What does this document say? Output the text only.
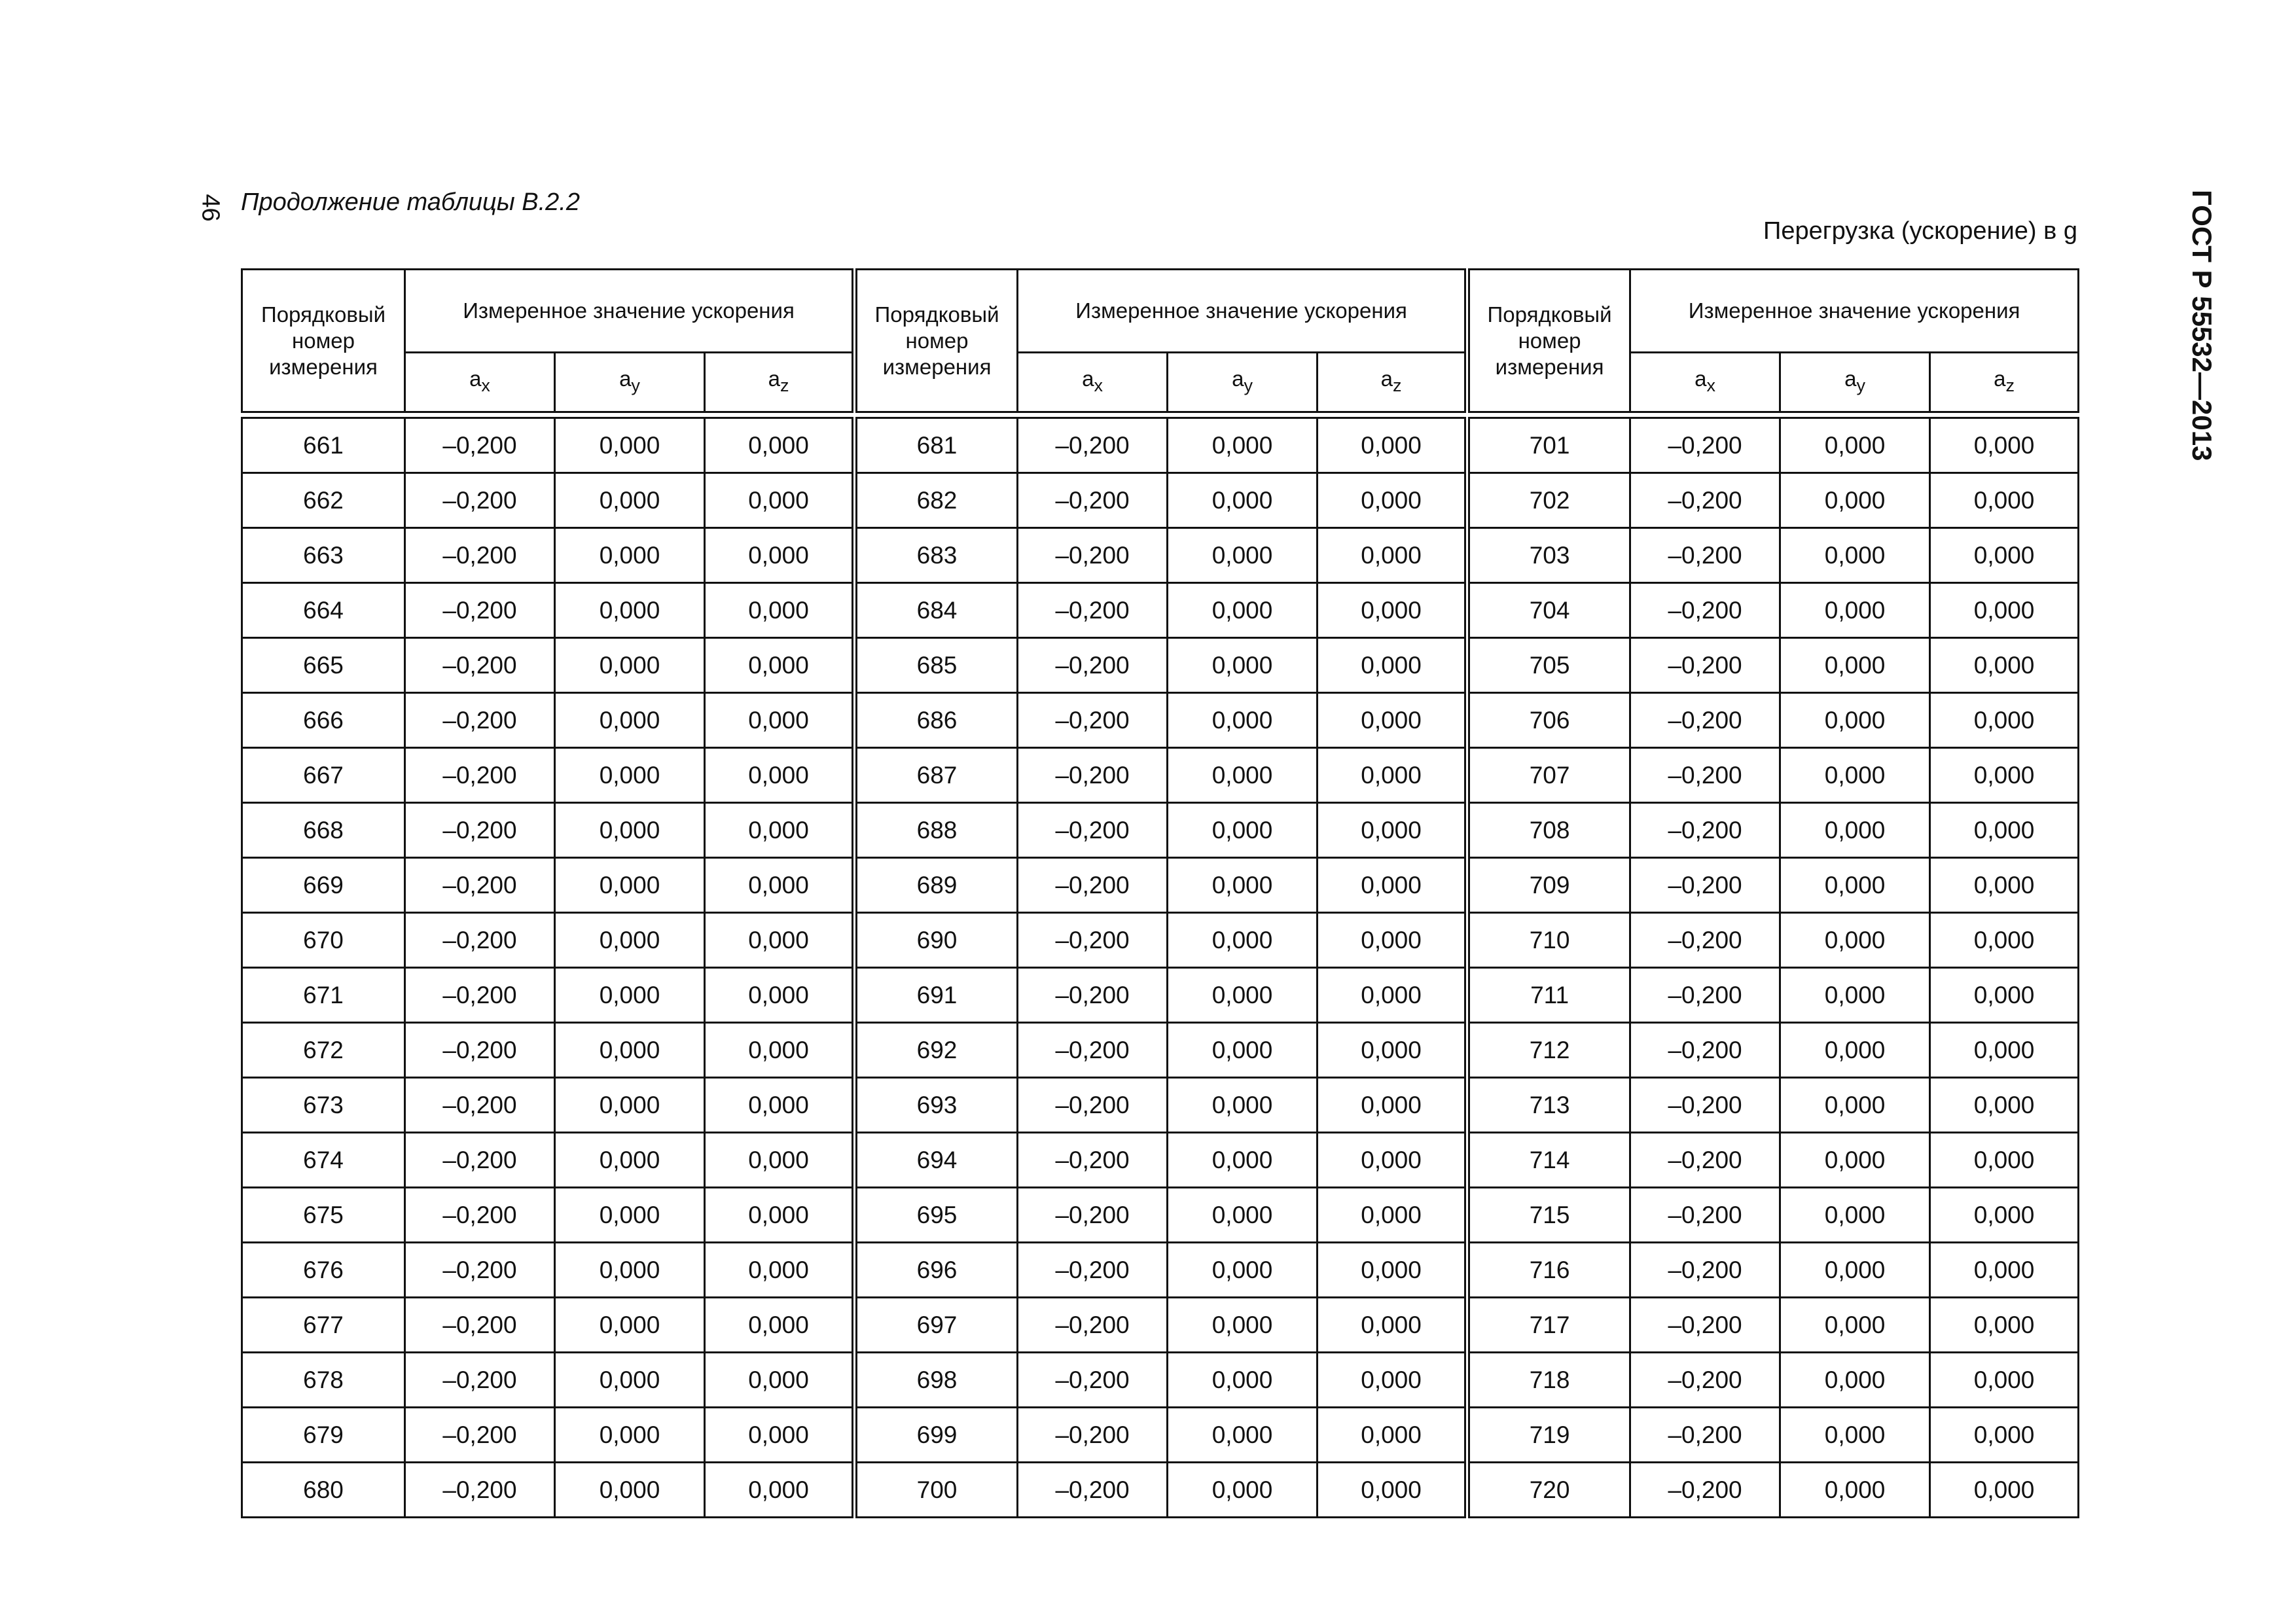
46 Продолжение таблицы В.2.2
Перегрузка (ускорение) в g	ГОСТ Р 55532—2013
Порядковый номер измерения	Измеренное значение ускорения			Порядковый номер измерения	Измеренное значение ускорения			Порядковый номер измерения	Измеренное значение ускорения		
	$a_x$	$a_y$	$a_z$		$a_x$	$a_y$	$a_z$		$a_x$	$a_y$	$a_z$

661	–0,200	0,000	0,000	681	–0,200	0,000	0,000	701	–0,200	0,000	0,000
662	–0,200	0,000	0,000	682	–0,200	0,000	0,000	702	–0,200	0,000	0,000
663	–0,200	0,000	0,000	683	–0,200	0,000	0,000	703	–0,200	0,000	0,000
664	–0,200	0,000	0,000	684	–0,200	0,000	0,000	704	–0,200	0,000	0,000
665	–0,200	0,000	0,000	685	–0,200	0,000	0,000	705	–0,200	0,000	0,000
666	–0,200	0,000	0,000	686	–0,200	0,000	0,000	706	–0,200	0,000	0,000
667	–0,200	0,000	0,000	687	–0,200	0,000	0,000	707	–0,200	0,000	0,000
668	–0,200	0,000	0,000	688	–0,200	0,000	0,000	708	–0,200	0,000	0,000
669	–0,200	0,000	0,000	689	–0,200	0,000	0,000	709	–0,200	0,000	0,000
670	–0,200	0,000	0,000	690	–0,200	0,000	0,000	710	–0,200	0,000	0,000
671	–0,200	0,000	0,000	691	–0,200	0,000	0,000	711	–0,200	0,000	0,000
672	–0,200	0,000	0,000	692	–0,200	0,000	0,000	712	–0,200	0,000	0,000
673	–0,200	0,000	0,000	693	–0,200	0,000	0,000	713	–0,200	0,000	0,000
674	–0,200	0,000	0,000	694	–0,200	0,000	0,000	714	–0,200	0,000	0,000
675	–0,200	0,000	0,000	695	–0,200	0,000	0,000	715	–0,200	0,000	0,000
676	–0,200	0,000	0,000	696	–0,200	0,000	0,000	716	–0,200	0,000	0,000
677	–0,200	0,000	0,000	697	–0,200	0,000	0,000	717	–0,200	0,000	0,000
678	–0,200	0,000	0,000	698	–0,200	0,000	0,000	718	–0,200	0,000	0,000
679	–0,200	0,000	0,000	699	–0,200	0,000	0,000	719	–0,200	0,000	0,000
680	–0,200	0,000	0,000	700	–0,200	0,000	0,000	720	–0,200	0,000	0,000
